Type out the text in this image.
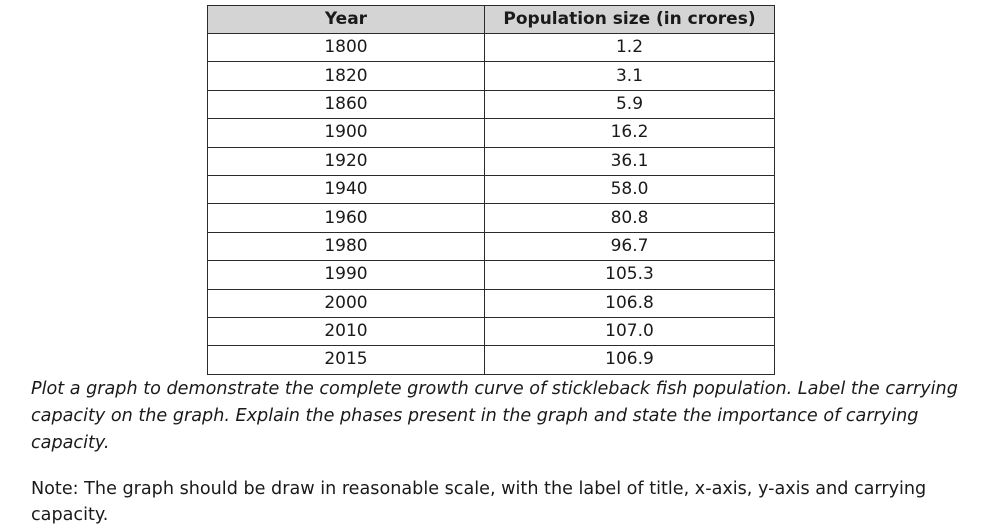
Year	Population size (in crores)
1800	1.2
1820	3.1
1860	5.9
1900	16.2
1920	36.1
1940	58.0
1960	80.8
1980	96.7
1990	105.3
2000	106.8
2010	107.0
2015	106.9
Plot a graph to demonstrate the complete growth curve of stickleback fish population. Label the carrying capacity on the graph. Explain the phases present in the graph and state the importance of carrying capacity.
Note: The graph should be draw in reasonable scale, with the label of title, x-axis, y-axis and carrying capacity.
